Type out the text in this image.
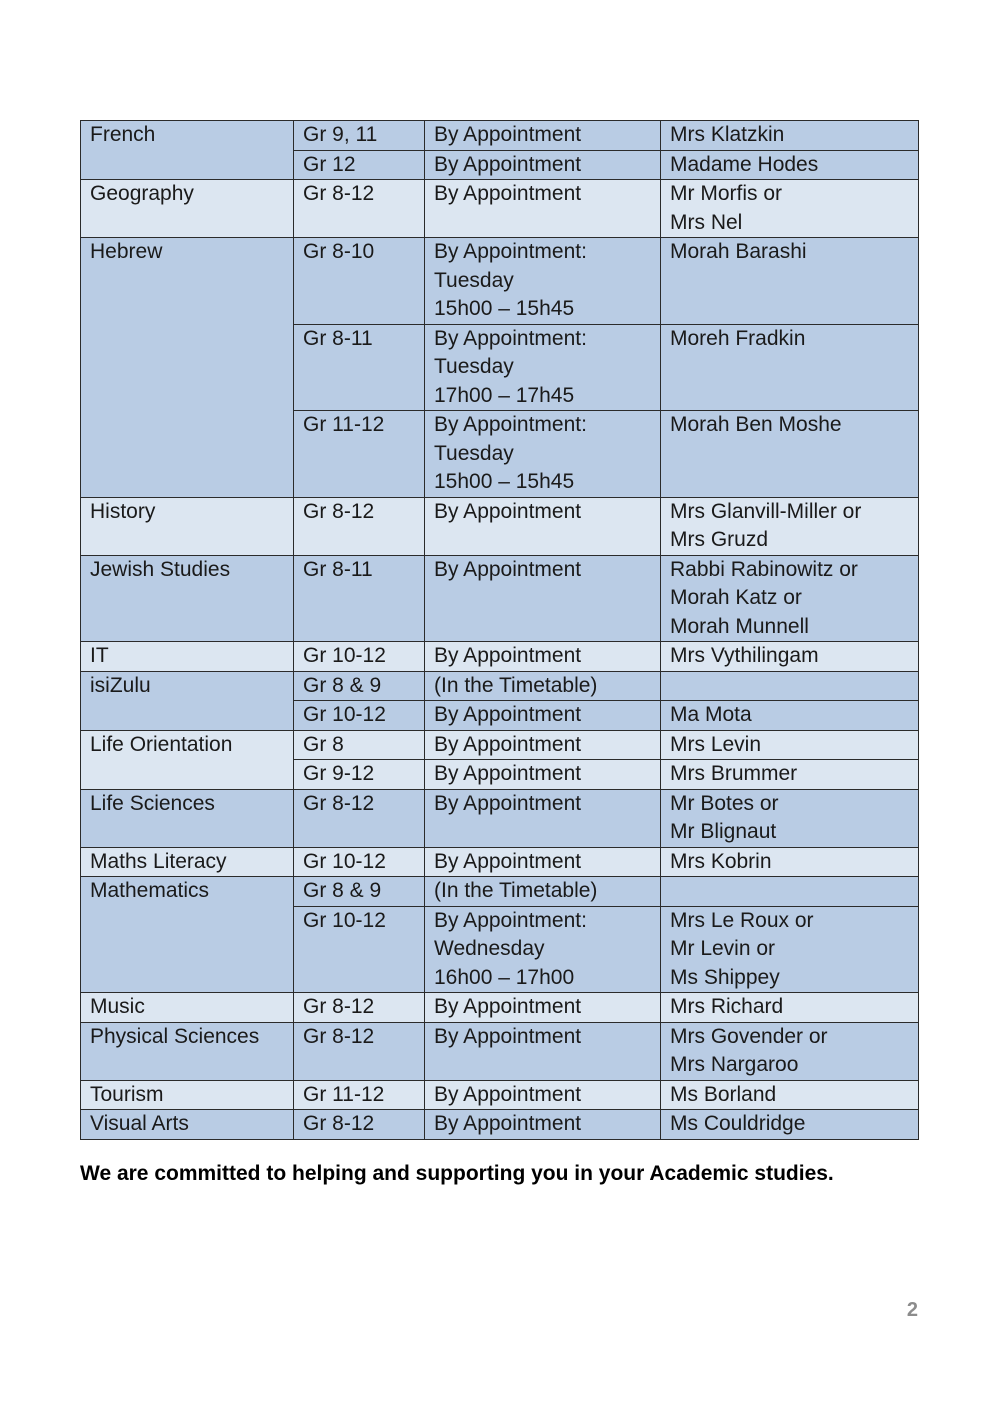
French	Gr 9, 11	By Appointment	Mrs Klatzkin
	Gr 12	By Appointment	Madame Hodes
Geography	Gr 8-12	By Appointment	Mr Morfis or
Mrs Nel
Hebrew	Gr 8-10	By Appointment:
Tuesday
15h00 – 15h45	Morah Barashi
	Gr 8-11	By Appointment:
Tuesday
17h00 – 17h45	Moreh Fradkin
	Gr 11-12	By Appointment:
Tuesday
15h00 – 15h45	Morah Ben Moshe
History	Gr 8-12	By Appointment	Mrs Glanvill-Miller or
Mrs Gruzd
Jewish Studies	Gr 8-11	By Appointment	Rabbi Rabinowitz or
Morah Katz or
Morah Munnell
IT	Gr 10-12	By Appointment	Mrs Vythilingam
isiZulu	Gr 8 & 9	(In the Timetable)	
	Gr 10-12	By Appointment	Ma Mota
Life Orientation	Gr 8	By Appointment	Mrs Levin
	Gr 9-12	By Appointment	Mrs Brummer
Life Sciences	Gr 8-12	By Appointment	Mr Botes or
Mr Blignaut
Maths Literacy	Gr 10-12	By Appointment	Mrs Kobrin
Mathematics	Gr 8 & 9	(In the Timetable)	
	Gr 10-12	By Appointment:
Wednesday
16h00 – 17h00	Mrs Le Roux or
Mr Levin or
Ms Shippey
Music	Gr 8-12	By Appointment	Mrs Richard
Physical Sciences	Gr 8-12	By Appointment	Mrs Govender or
Mrs Nargaroo
Tourism	Gr 11-12	By Appointment	Ms Borland
Visual Arts	Gr 8-12	By Appointment	Ms Couldridge
We are committed to helping and supporting you in your Academic studies.
2
